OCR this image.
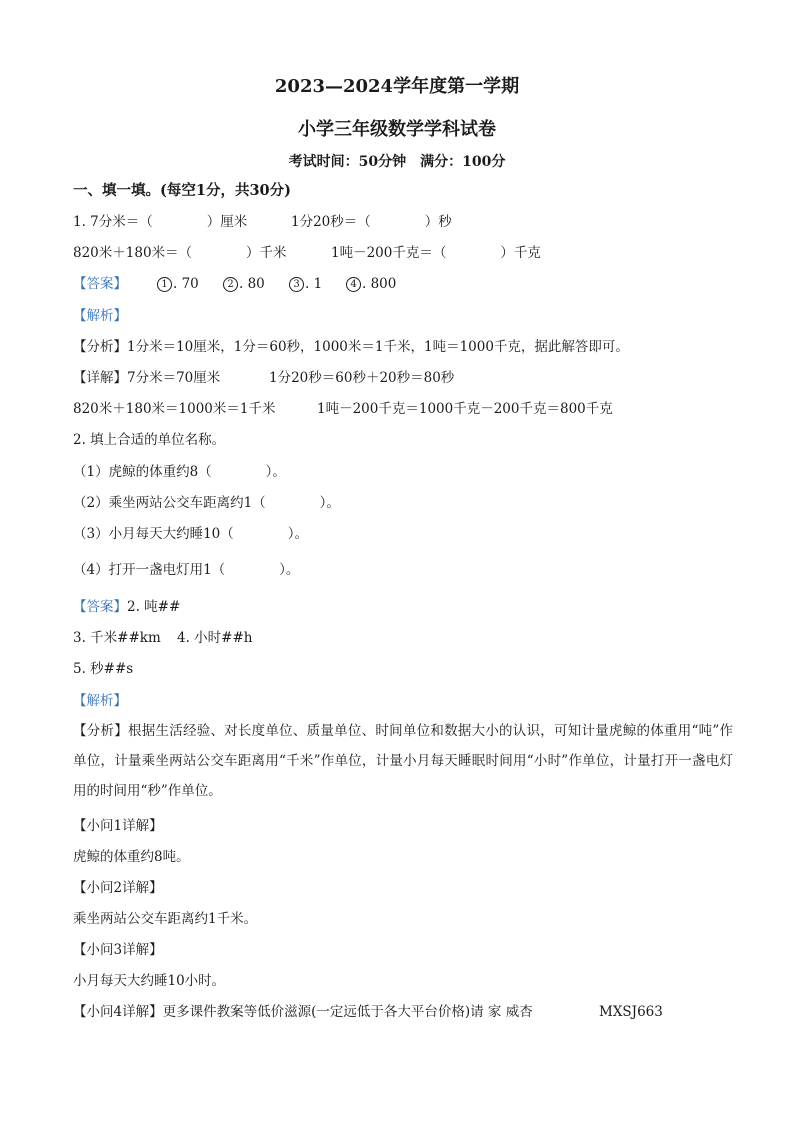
2023—2024学年度第一学期
小学三年级数学学科试卷
考试时间：50分钟　满分：100分
一、填一填。(每空1分，共30分)
1. 7分米＝（　　　　）厘米	1分20秒＝（　　　　）秒
820米＋180米＝（　　　　）千米	1吨－200千克＝（　　　　）千克
【答案】	1 . 70	2 . 80	3 . 1	4 . 800
【解析】
【分析】1分米＝10厘米，1分＝60秒，1000米＝1千米，1吨＝1000千克，据此解答即可。
【详解】7分米＝70厘米	1分20秒＝60秒＋20秒＝80秒
820米＋180米＝1000米＝1千米	1吨－200千克＝1000千克－200千克＝800千克
2. 填上合适的单位名称。
（1）虎鲸的体重约8（　　　　）。
（2）乘坐两站公交车距离约1（　　　　）。
（3）小月每天大约睡10（　　　　）。
（4）打开一盏电灯用1（　　　　）。
【答案】2. 吨##
3. 千米##km 4. 小时##h
5. 秒##s
【解析】
【分析】根据生活经验、对长度单位、质量单位、时间单位和数据大小的认识，可知计量虎鲸的体重用“吨”作单位，计量乘坐两站公交车距离用“千米”作单位，计量小月每天睡眠时间用“小时”作单位，计量打开一盏电灯用的时间用“秒”作单位。
【小问1详解】
虎鲸的体重约8吨。
【小问2详解】
乘坐两站公交车距离约1千米。
【小问3详解】
小月每天大约睡10小时。
【小问4详解】更多课件教案等低价滋源(一定远低于各大平台价格)请 家 威杏	MXSJ663
